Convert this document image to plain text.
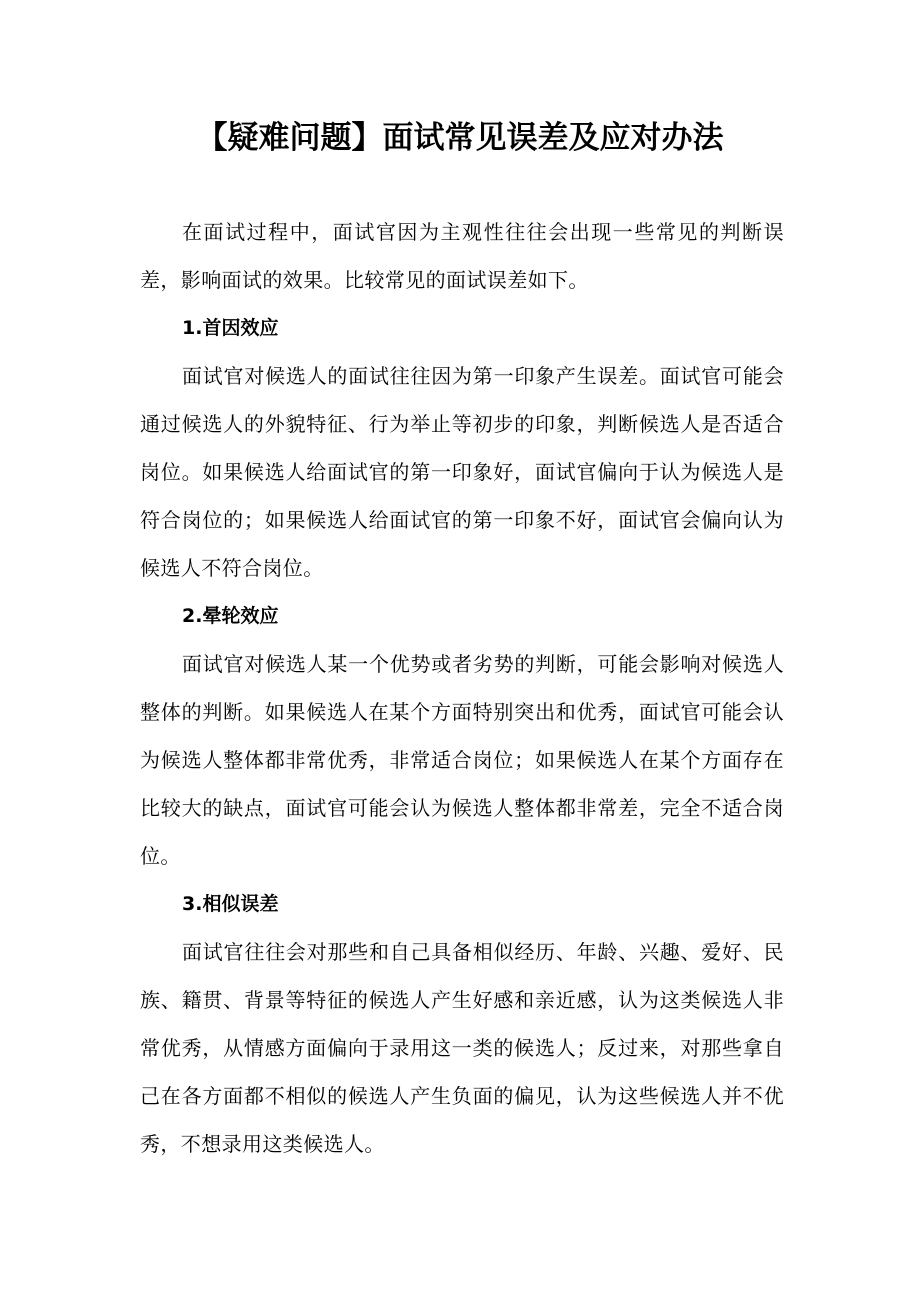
【疑难问题】面试常见误差及应对办法

在面试过程中，面试官因为主观性往往会出现一些常见的判断误差，影响面试的效果。比较常见的面试误差如下。

1.首因效应

面试官对候选人的面试往往因为第一印象产生误差。面试官可能会通过候选人的外貌特征、行为举止等初步的印象，判断候选人是否适合岗位。如果候选人给面试官的第一印象好，面试官偏向于认为候选人是符合岗位的；如果候选人给面试官的第一印象不好，面试官会偏向认为候选人不符合岗位。

2.晕轮效应

面试官对候选人某一个优势或者劣势的判断，可能会影响对候选人整体的判断。如果候选人在某个方面特别突出和优秀，面试官可能会认为候选人整体都非常优秀，非常适合岗位；如果候选人在某个方面存在比较大的缺点，面试官可能会认为候选人整体都非常差，完全不适合岗位。

3.相似误差

面试官往往会对那些和自己具备相似经历、年龄、兴趣、爱好、民族、籍贯、背景等特征的候选人产生好感和亲近感，认为这类候选人非常优秀，从情感方面偏向于录用这一类的候选人；反过来，对那些拿自己在各方面都不相似的候选人产生负面的偏见，认为这些候选人并不优秀，不想录用这类候选人。
